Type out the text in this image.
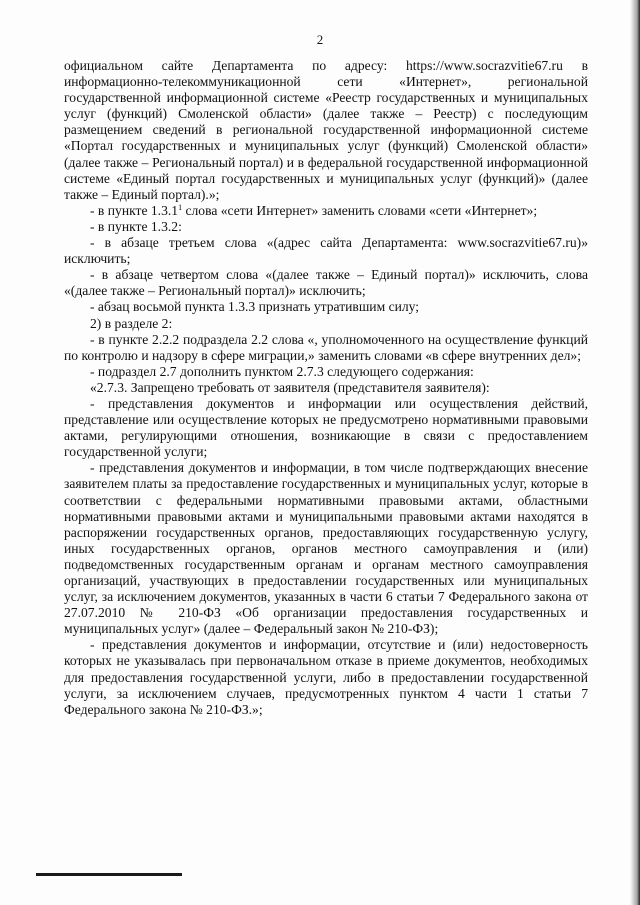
2

официальном сайте Департамента по адресу: https://www.socrazvitie67.ru в информационно-телекоммуникационной сети «Интернет», региональной государственной информационной системе «Реестр государственных и муниципальных услуг (функций) Смоленской области» (далее также – Реестр) с последующим размещением сведений в региональной государственной информационной системе «Портал государственных и муниципальных услуг (функций) Смоленской области» (далее также – Региональный портал) и в федеральной государственной информационной системе «Единый портал государственных и муниципальных услуг (функций)» (далее также – Единый портал).»;

- в пункте 1.3.1$^1$ слова «сети Интернет» заменить словами «сети «Интернет»;

- в пункте 1.3.2:

- в абзаце третьем слова «(адрес сайта Департамента: www.socrazvitie67.ru)» исключить;

- в абзаце четвертом слова «(далее также – Единый портал)» исключить, слова «(далее также – Региональный портал)» исключить;

- абзац восьмой пункта 1.3.3 признать утратившим силу;

2) в разделе 2:

- в пункте 2.2.2 подраздела 2.2 слова «, уполномоченного на осуществление функций по контролю и надзору в сфере миграции,» заменить словами «в сфере внутренних дел»;

- подраздел 2.7 дополнить пунктом 2.7.3 следующего содержания:

«2.7.3. Запрещено требовать от заявителя (представителя заявителя):

- представления документов и информации или осуществления действий, представление или осуществление которых не предусмотрено нормативными правовыми актами, регулирующими отношения, возникающие в связи с предоставлением государственной услуги;

- представления документов и информации, в том числе подтверждающих внесение заявителем платы за предоставление государственных и муниципальных услуг, которые в соответствии с федеральными нормативными правовыми актами, областными нормативными правовыми актами и муниципальными правовыми актами находятся в распоряжении государственных органов, предоставляющих государственную услугу, иных государственных органов, органов местного самоуправления и (или) подведомственных государственным органам и органам местного самоуправления организаций, участвующих в предоставлении государственных или муниципальных услуг, за исключением документов, указанных в части 6 статьи 7 Федерального закона от 27.07.2010 № 210-ФЗ «Об организации предоставления государственных и муниципальных услуг» (далее – Федеральный закон № 210-ФЗ);

- представления документов и информации, отсутствие и (или) недостоверность которых не указывалась при первоначальном отказе в приеме документов, необходимых для предоставления государственной услуги, либо в предоставлении государственной услуги, за исключением случаев, предусмотренных пунктом 4 части 1 статьи 7 Федерального закона № 210-ФЗ.»;
